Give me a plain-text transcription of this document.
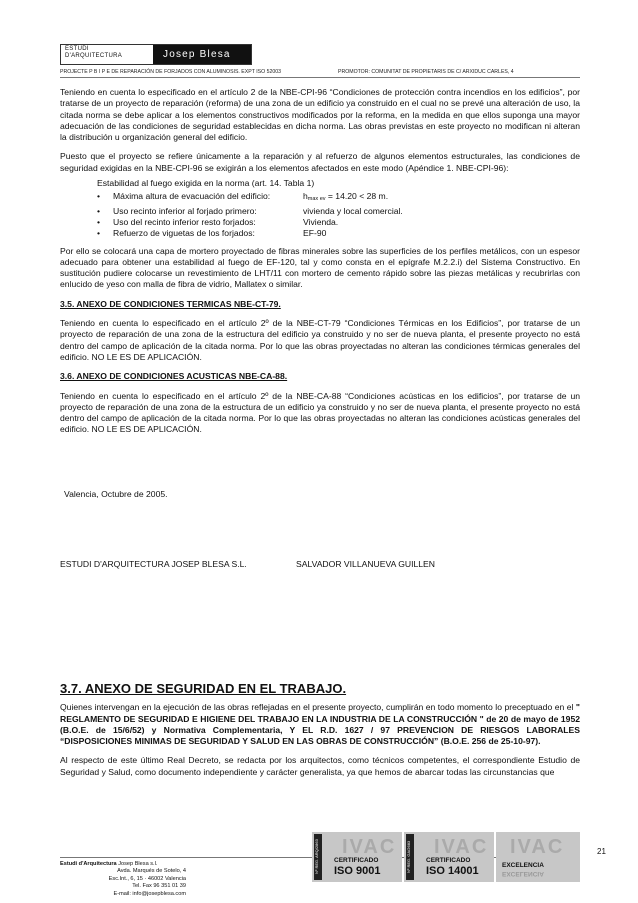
ESTUDI
D'ARQUITECTURA	Josep Blesa
PROJECTE P B I P E DE REPARACIÓN DE FORJADOS CON ALUMINOSIS. EXPT ISO 52003	PROMOTOR: COMUNITAT DE PROPIETARIS DE C/ ARXIDUC CARLES, 4

Teniendo en cuenta lo especificado en el artículo 2 de la NBE-CPI-96 “Condiciones de protección contra incendios en los edificios”, por tratarse de un proyecto de reparación (reforma) de una zona de un edificio ya construido en el cual no se prevé una alteración de uso, la citada norma se debe aplicar a los elementos constructivos modificados por la reforma, en la medida en que ellos suponga una mayor adecuación de las condiciones de seguridad establecidas en dicha norma. Las obras previstas en este proyecto no modifican ni alteran la distribución u organización general del edificio.

Puesto que el proyecto se refiere únicamente a la reparación y al refuerzo de algunos elementos estructurales, las condiciones de seguridad exigidas en la NBE-CPI-96 se exigirán a los elementos afectados en este modo (Apéndice 1. NBE-CPI-96):

Estabilidad al fuego exigida en la norma (art. 14. Tabla 1)
•	Máxima altura de evacuación del edificio:	hmax ev = 14.20 < 28 m.
•	Uso recinto inferior al forjado primero:	vivienda y local comercial.
•	Uso del recinto inferior resto forjados:	Vivienda.
•	Refuerzo de viguetas de los forjados:	EF-90

Por ello se colocará una capa de mortero proyectado de fibras minerales sobre las superficies de los perfiles metálicos, con un espesor adecuado para obtener una estabilidad al fuego de EF-120, tal y como consta en el epígrafe M.2.2.i) del Sistema Constructivo. En sustitución pudiere colocarse un revestimiento de LHT/11 con mortero de cemento rápido sobre las piezas metálicas y recubrirlas con enlucido de yeso con malla de fibra de vidrio, Mallatex o similar.

3.5. ANEXO DE CONDICIONES TERMICAS NBE-CT-79.

Teniendo en cuenta lo especificado en el artículo 2º de la NBE-CT-79 “Condiciones Térmicas en los Edificios”, por tratarse de un proyecto de reparación de una zona de la estructura del edificio ya construido y no ser de nueva planta, el presente proyecto no está dentro del campo de aplicación de la citada norma. Por lo que las obras proyectadas no alteran las condiciones térmicas generales del edificio. NO LE ES DE APLICACIÓN.

3.6. ANEXO DE CONDICIONES ACUSTICAS NBE-CA-88.

Teniendo en cuenta lo especificado en el artículo 2º de la NBE-CA-88 “Condiciones acústicas en los edificios”, por tratarse de un proyecto de reparación de una zona de la estructura de un edificio ya construido y no ser de nueva planta, el presente proyecto no está dentro del campo de aplicación de la citada norma. Por lo que las obras proyectadas no alteran las condiciones acústicas generales del edificio. NO LE ES DE APLICACIÓN.

Valencia, Octubre de 2005.
ESTUDI D'ARQUITECTURA JOSEP BLESA S.L.	SALVADOR VILLANUEVA GUILLEN
3.7. ANEXO DE SEGURIDAD EN EL TRABAJO.

Quienes intervengan en la ejecución de las obras reflejadas en el presente proyecto, cumplirán en todo momento lo preceptuado en el " REGLAMENTO DE SEGURIDAD E HIGIENE DEL TRABAJO EN LA INDUSTRIA DE LA CONSTRUCCIÓN " de 20 de mayo de 1952 (B.O.E. de 15/6/52) y Normativa Complementaria, Y EL R.D. 1627 / 97 PREVENCION DE RIESGOS LABORALES “DISPOSICIONES MINIMAS DE SEGURIDAD Y SALUD EN LAS OBRAS DE CONSTRUCCIÓN” (B.O.E. 256 de 25-10-97).

Al respecto de este último Real Decreto, se redacta por los arquitectos, como técnicos competentes, el correspondiente Estudio de Seguridad y Salud, como documento independiente y carácter generalista, ya que hemos de abarcar todas las circunstancias que

21
Estudi d'Arquitectura Josep Blesa s.l.
Avda. Marqués de Sotelo, 4
Esc.Int., 6, 15 · 46002 Valencia
Tel. Fax 96 351 01 39
E-mail: info@josepblesa.com
Nº REG. ARQ/2863 IVAC
CERTIFICADO
ISO 9001	Nº REG. GA/2683 IVAC
CERTIFICADO
ISO 14001
IVAC
EXCELENCIA
EXCELENCIA
